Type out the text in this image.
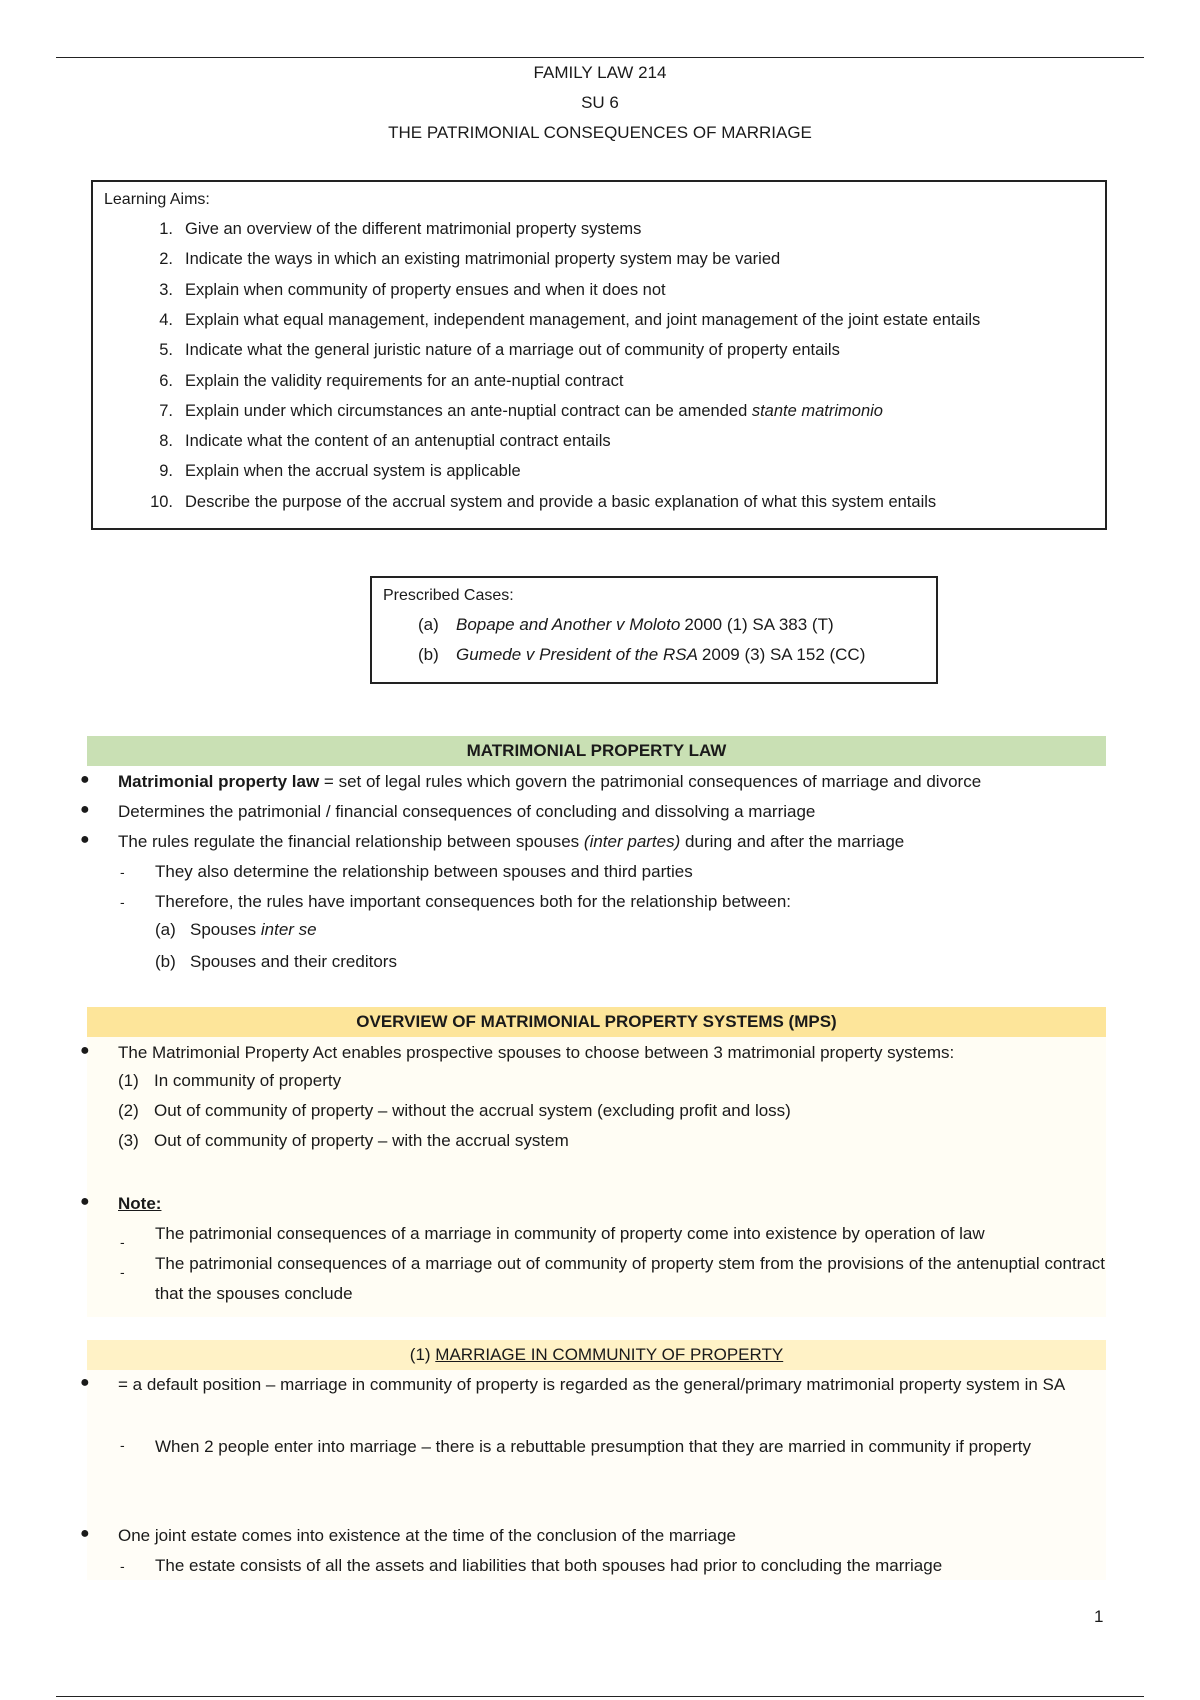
FAMILY LAW 214
SU 6
THE PATRIMONIAL CONSEQUENCES OF MARRIAGE
Learning Aims:
1. Give an overview of the different matrimonial property systems
2. Indicate the ways in which an existing matrimonial property system may be varied
3. Explain when community of property ensues and when it does not
4. Explain what equal management, independent management, and joint management of the joint estate entails
5. Indicate what the general juristic nature of a marriage out of community of property entails
6. Explain the validity requirements for an ante-nuptial contract
7. Explain under which circumstances an ante-nuptial contract can be amended stante matrimonio
8. Indicate what the content of an antenuptial contract entails
9. Explain when the accrual system is applicable
10. Describe the purpose of the accrual system and provide a basic explanation of what this system entails
Prescribed Cases:
(a) Bopape and Another v Moloto 2000 (1) SA 383 (T)
(b) Gumede v President of the RSA 2009 (3) SA 152 (CC)
MATRIMONIAL PROPERTY LAW
● Matrimonial property law = set of legal rules which govern the patrimonial consequences of marriage and divorce
● Determines the patrimonial / financial consequences of concluding and dissolving a marriage
● The rules regulate the financial relationship between spouses (inter partes) during and after the marriage
- They also determine the relationship between spouses and third parties
- Therefore, the rules have important consequences both for the relationship between:
(a) Spouses inter se
(b) Spouses and their creditors
OVERVIEW OF MATRIMONIAL PROPERTY SYSTEMS (MPS)
● The Matrimonial Property Act enables prospective spouses to choose between 3 matrimonial property systems:
(1) In community of property
(2) Out of community of property – without the accrual system (excluding profit and loss)
(3) Out of community of property – with the accrual system
● Note:
- The patrimonial consequences of a marriage in community of property come into existence by operation of law
- The patrimonial consequences of a marriage out of community of property stem from the provisions of the antenuptial contract that the spouses conclude
(1) MARRIAGE IN COMMUNITY OF PROPERTY
● = a default position – marriage in community of property is regarded as the general/primary matrimonial property system in SA
- When 2 people enter into marriage – there is a rebuttable presumption that they are married in community if property
● One joint estate comes into existence at the time of the conclusion of the marriage
- The estate consists of all the assets and liabilities that both spouses had prior to concluding the marriage
1
